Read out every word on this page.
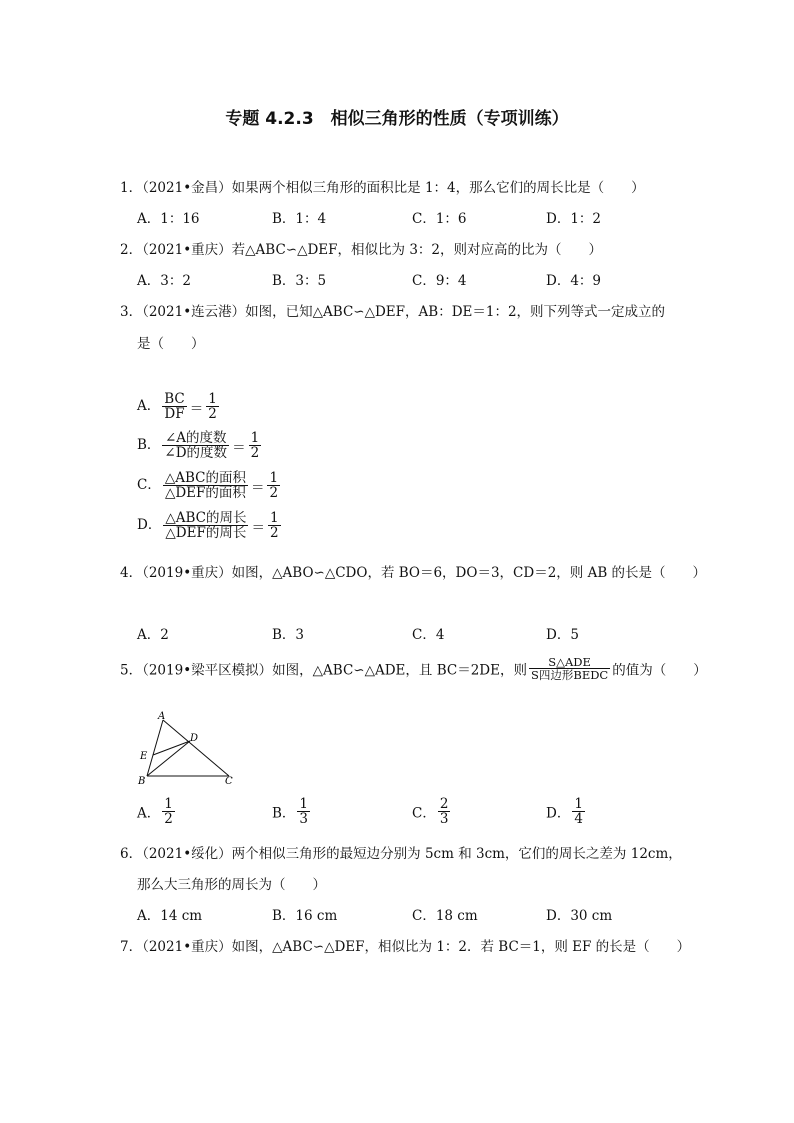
专题 4.2.3　相似三角形的性质（专项训练）
1．（2021•金昌）如果两个相似三角形的面积比是 1：4，那么它们的周长比是（　　）
A．1：16	B．1：4	C．1：6	D．1：2
2．（2021•重庆）若△ABC∽△DEF，相似比为 3：2，则对应高的比为（　　）
A．3：2	B．3：5	C．9：4	D．4：9
3．（2021•连云港）如图，已知△ABC∽△DEF，AB：DE＝1：2，则下列等式一定成立的
是（　　）
A． $\frac{BC}{DF} = \frac{1}{2}$
B． $\frac{\text{∠A的度数}}{\text{∠D的度数}} = \frac{1}{2}$
C． $\frac{\text{△ABC的面积}}{\text{△DEF的面积}} = \frac{1}{2}$
D． $\frac{\text{△ABC的周长}}{\text{△DEF的周长}} = \frac{1}{2}$
4．（2019•重庆）如图，△ABO∽△CDO，若 BO＝6，DO＝3，CD＝2，则 AB 的长是（　　）
A．2	B．3	C．4	D．5
5．（2019•梁平区模拟）如图，△ABC∽△ADE，且 BC＝2DE，则 $\frac{\text{S△ADE}}{\text{S四边形BEDC}}$ 的值为（　　）
A
D
E
B	C
A． $\frac{1}{2}$	B． $\frac{1}{3}$	C． $\frac{2}{3}$	D． $\frac{1}{4}$
6．（2021•绥化）两个相似三角形的最短边分别为 5cm 和 3cm，它们的周长之差为 12cm，
那么大三角形的周长为（　　）
A．14 cm	B．16 cm	C．18 cm	D．30 cm
7．（2021•重庆）如图，△ABC∽△DEF，相似比为 1：2．若 BC＝1，则 EF 的长是（　　）
